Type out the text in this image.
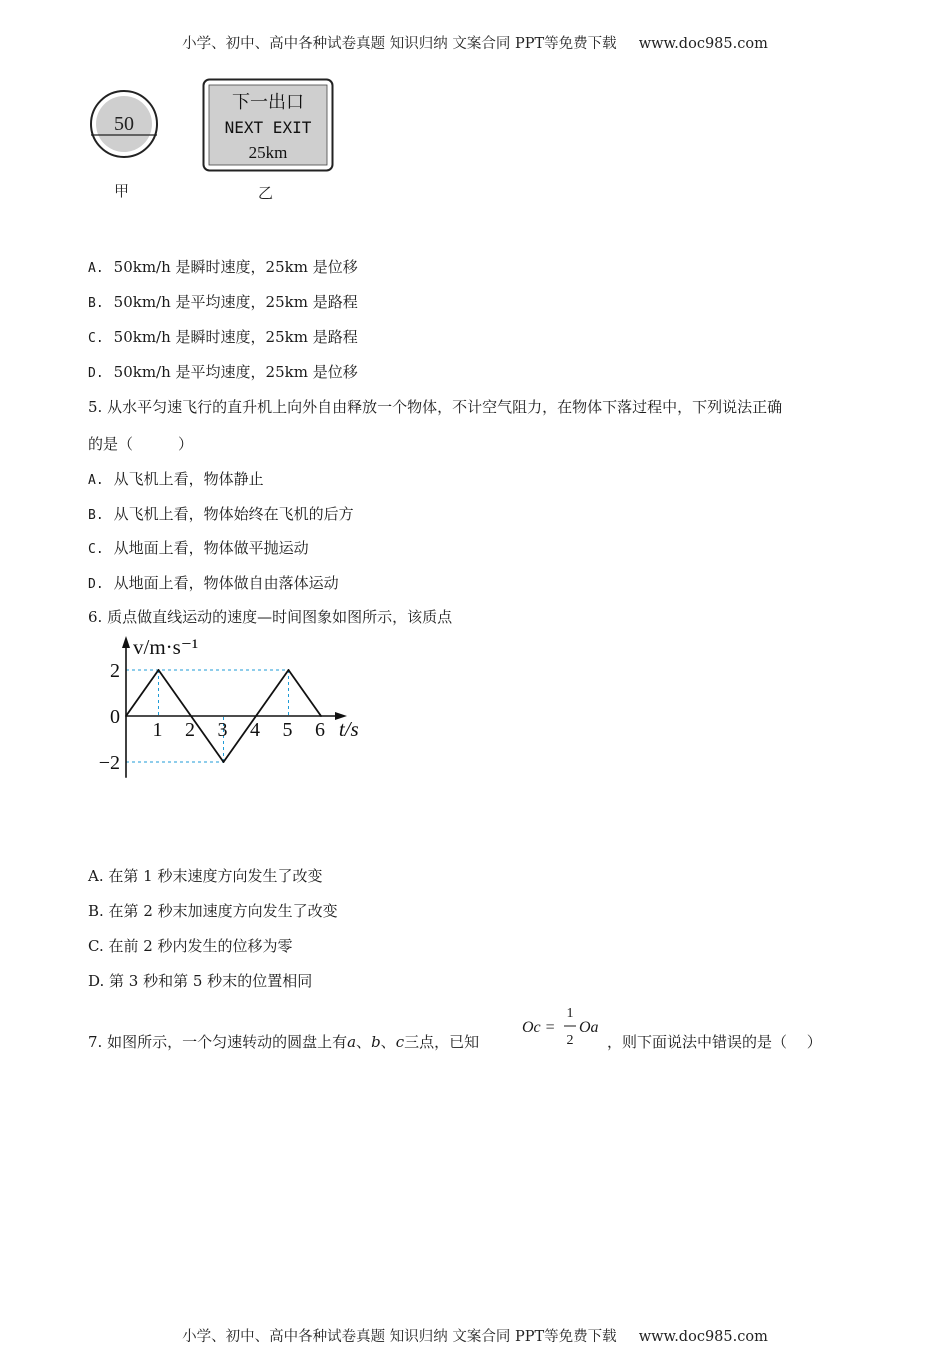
小学、初中、高中各种试卷真题 知识归纳 文案合同 PPT等免费下载 www.doc985.com
50
下一出口
NEXT EXIT
25km
甲	乙
A. 50km/h 是瞬时速度，25km 是位移
B. 50km/h 是平均速度，25km 是路程
C. 50km/h 是瞬时速度，25km 是路程
D. 50km/h 是平均速度，25km 是位移
5. 从水平匀速飞行的直升机上向外自由释放一个物体，不计空气阻力，在物体下落过程中，下列说法正确
的是（　　　）
A. 从飞机上看，物体静止
B. 从飞机上看，物体始终在飞机的后方
C. 从地面上看，物体做平抛运动
D. 从地面上看，物体做自由落体运动
6. 质点做直线运动的速度—时间图象如图所示，该质点
1 2 3 4 5 6
2
0
−2
t/s
v/m·s⁻¹
A. 在第 1 秒末速度方向发生了改变
B. 在第 2 秒末加速度方向发生了改变
C. 在前 2 秒内发生的位移为零
D. 第 3 秒和第 5 秒末的位置相同
7. 如图所示，一个匀速转动的圆盘上有a、b、c三点，已知
Oc =
1
2
Oa
，则下面说法中错误的是（　 ）
小学、初中、高中各种试卷真题 知识归纳 文案合同 PPT等免费下载 www.doc985.com
